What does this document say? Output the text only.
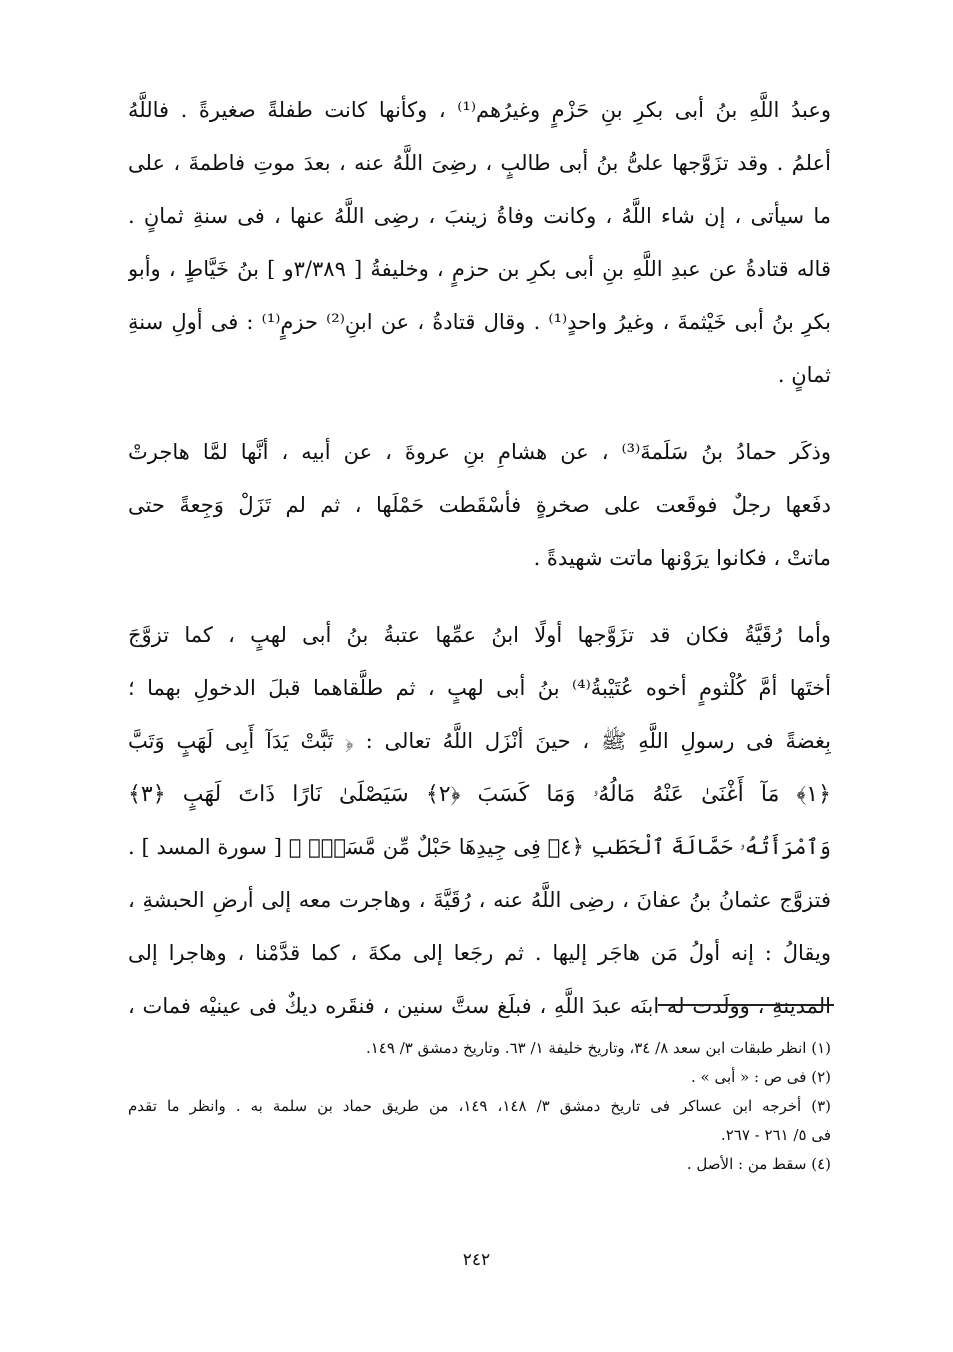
وعبدُ اللَّهِ بنُ أبى بكرِ بنِ حَزْمٍ وغيرُهم⁽¹⁾ ، وكأنها كانت طفلةً صغيرةً . فاللَّهُ
أعلمُ . وقد تزَوَّجها علىُّ بنُ أبى طالبٍ ، رضِىَ اللَّهُ عنه ، بعدَ موتِ فاطمةَ ، على
ما سيأتى ، إن شاء اللَّهُ ، وكانت وفاةُ زينبَ ، رضِى اللَّهُ عنها ، فى سنةِ ثمانٍ .
قاله قتادةُ عن عبدِ اللَّهِ بنِ أبى بكرِ بن حزمٍ ، وخليفةُ [ ٣/٣٨٩و ] بنُ خَيَّاطٍ ، وأبو
بكرِ بنُ أبى خَيْثمةَ ، وغيرُ واحدٍ⁽¹⁾ . وقال قتادةُ ، عن ابنِ⁽²⁾ حزمٍ⁽¹⁾ : فى أولِ سنةِ
ثمانٍ .
وذكَر حمادُ بنُ سَلَمةَ⁽³⁾ ، عن هشامِ بنِ عروةَ ، عن أبيه ، أنَّها لمَّا هاجرتْ
دفَعها رجلٌ فوقَعت على صخرةٍ فأسْقَطت حَمْلَها ، ثم لم تَزَلْ وَجِعةً حتى
ماتتْ ، فكانوا يرَوْنها ماتت شهيدةً .
وأما رُقَيَّةُ فكان قد تزَوَّجها أولًا ابنُ عمِّها عتبةُ بنُ أبى لهبٍ ، كما تزوَّجَ
أختَها أمَّ كُلْثومٍ أخوه عُتَيْبةُ⁽⁴⁾ بنُ أبى لهبٍ ، ثم طلَّقاهما قبلَ الدخولِ بهما ؛
بِغضةً فى رسولِ اللَّهِ ﷺ ، حينَ أنْزَل اللَّهُ تعالى : ﴿ تَبَّتْ يَدَآ أَبِى لَهَبٍ وَتَبَّ
﴿١﴾ مَآ أَغْنَىٰ عَنْهُ مَالُهُۥ وَمَا كَسَبَ ﴿٢﴾ سَيَصْلَىٰ نَارًا ذَاتَ لَهَبٍ ﴿٣﴾
وَٱمْرَأَتُهُۥ حَمَّالَةَ ٱلْحَطَبِ ﴿٤﴾ فِى جِيدِهَا حَبْلٌ مِّن مَّسَدٍۭ ﴾ [ سورة المسد ] .
فتزوَّج عثمانُ بنُ عفانَ ، رضِى اللَّهُ عنه ، رُقَيَّةَ ، وهاجرت معه إلى أرضِ الحبشةِ ،
ويقالُ : إنه أولُ مَن هاجَر إليها . ثم رجَعا إلى مكةَ ، كما قدَّمْنا ، وهاجرا إلى
المدينةِ ، وولَدت له ابنَه عبدَ اللَّهِ ، فبلَغ ستَّ سنين ، فنقَره ديكٌ فى عينيْه فمات ،
(١) انظر طبقات ابن سعد ٨/ ٣٤، وتاريخ خليفة ١/ ٦٣. وتاريخ دمشق ٣/ ١٤٩.
(٢) فى ص : « أبى » .
(٣) أخرجه ابن عساكر فى تاريخ دمشق ٣/ ١٤٨، ١٤٩، من طريق حماد بن سلمة به . وانظر ما تقدم
فى ٥/ ٢٦١ - ٢٦٧.
(٤) سقط من : الأصل .
٢٤٢
